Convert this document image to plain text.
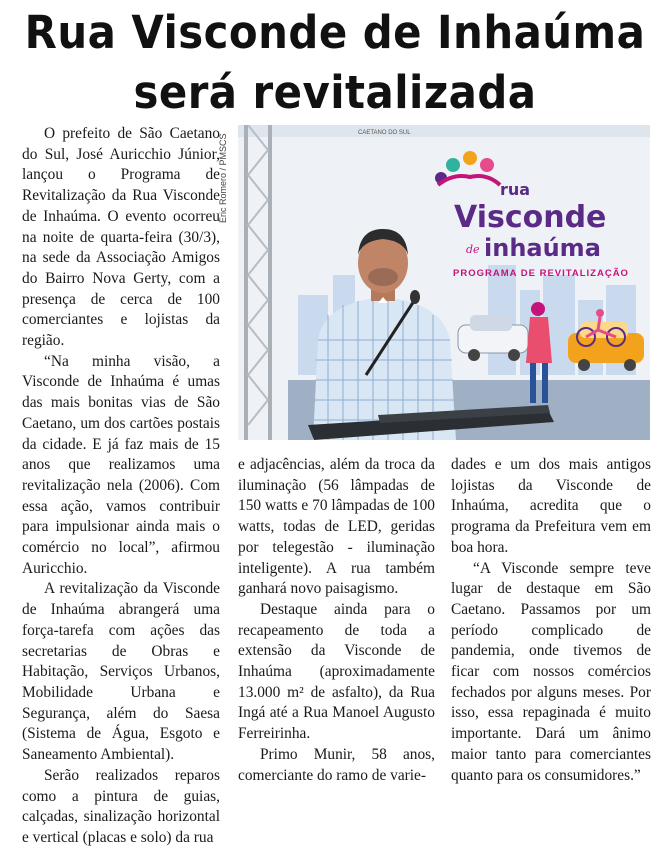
Rua Visconde de Inhaúma
será revitalizada

O prefeito de São Caetano do Sul, José Auricchio Júnior, lançou o Programa de Revitalização da Rua Visconde de Inhaúma. O evento ocorreu na noite de quarta-feira (30/3), na sede da Associação Amigos do Bairro Nova Gerty, com a presença de cerca de 100 comerciantes e lojistas da região.

“Na minha visão, a Visconde de Inhaúma é umas das mais bonitas vias de São Caetano, um dos cartões postais da cidade. E já faz mais de 15 anos que realizamos uma revitalização nela (2006). Com essa ação, vamos contribuir para impulsionar ainda mais o comércio no local”, afirmou Auricchio.

A revitalização da Visconde de Inhaúma abrangerá uma força-tarefa com ações das secretarias de Obras e Habitação, Serviços Urbanos, Mobilidade Urbana e Segurança, além do Saesa (Sistema de Água, Esgoto e Saneamento Ambiental).

Serão realizados reparos como a pintura de guias, calçadas, sinalização horizontal e vertical (placas e solo) da rua

Eric Romero / PMSCS
CAETANO DO SUL
rua
Visconde
de inhaúma
PROGRAMA DE REVITALIZAÇÃO

e adjacências, além da troca da iluminação (56 lâmpadas de 150 watts e 70 lâmpadas de 100 watts, todas de LED, geridas por telegestão - iluminação inteligente). A rua também ganhará novo paisagismo.

Destaque ainda para o recapeamento de toda a extensão da Visconde de Inhaúma (aproximadamente 13.000 m² de asfalto), da Rua Ingá até a Rua Manoel Augusto Ferreirinha.

Primo Munir, 58 anos, comerciante do ramo de varie-

dades e um dos mais antigos lojistas da Visconde de Inhaúma, acredita que o programa da Prefeitura vem em boa hora.

“A Visconde sempre teve lugar de destaque em São Caetano. Passamos por um período complicado de pandemia, onde tivemos de ficar com nossos comércios fechados por alguns meses. Por isso, essa repaginada é muito importante. Dará um ânimo maior tanto para comerciantes quanto para os consumidores.”
